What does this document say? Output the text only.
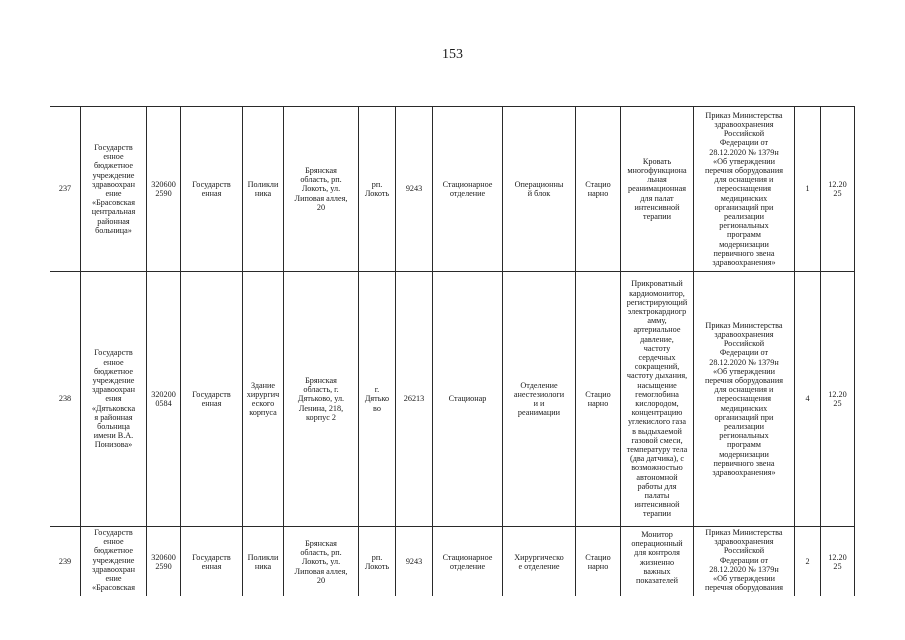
153
237
Государств
енное
бюджетное
учреждение
здравоохран
ение
«Брасовская
центральная
районная
больница»
320600
2590
Государств
енная
Поликли
ника
Брянская
область, рп.
Локоть, ул.
Липовая аллея,
20
рп.
Локоть
9243
Стационарное
отделение
Операционны
й блок
Стацио
нарно
Кровать
многофункциона
льная
реанимационная
для палат
интенсивной
терапии
Приказ Министерства
здравоохранения
Российской
Федерации от
28.12.2020 № 1379н
«Об утверждении
перечня оборудования
для оснащения и
переоснащения
медицинских
организаций при
реализации
региональных
программ
модернизации
первичного звена
здравоохранения»
1
12.20
25
238
Государств
енное
бюджетное
учреждение
здравоохран
ения
«Дятьковска
я районная
больница
имени В.А.
Понизова»
320200
0584
Государств
енная
Здание
хирургич
еского
корпуса
Брянская
область, г.
Дятьково, ул.
Ленина, 218,
корпус 2
г.
Дятько
во
26213	Стационар
Отделение
анестезиологи
и и
реанимации
Стацио
нарно
Прикроватный
кардиомонитор,
регистрирующий
электрокардиогр
амму,
артериальное
давление,
частоту
сердечных
сокращений,
частоту дыхания,
насыщение
гемоглобина
кислородом,
концентрацию
углекислого газа
в выдыхаемой
газовой смеси,
температуру тела
(два датчика), с
возможностью
автономной
работы для
палаты
интенсивной
терапии
Приказ Министерства
здравоохранения
Российской
Федерации от
28.12.2020 № 1379н
«Об утверждении
перечня оборудования
для оснащения и
переоснащения
медицинских
организаций при
реализации
региональных
программ
модернизации
первичного звена
здравоохранения»
4
12.20
25
239
Государств
енное
бюджетное
учреждение
здравоохран
ение
«Брасовская
320600
2590
Государств
енная
Поликли
ника
Брянская
область, рп.
Локоть, ул.
Липовая аллея,
20
рп.
Локоть
9243
Стационарное
отделение
Хирургическо
е отделение
Стацио
нарно
Монитор
операционный
для контроля
жизненно
важных
показателей
Приказ Министерства
здравоохранения
Российской
Федерации от
28.12.2020 № 1379н
«Об утверждении
перечня оборудования
2
12.20
25
